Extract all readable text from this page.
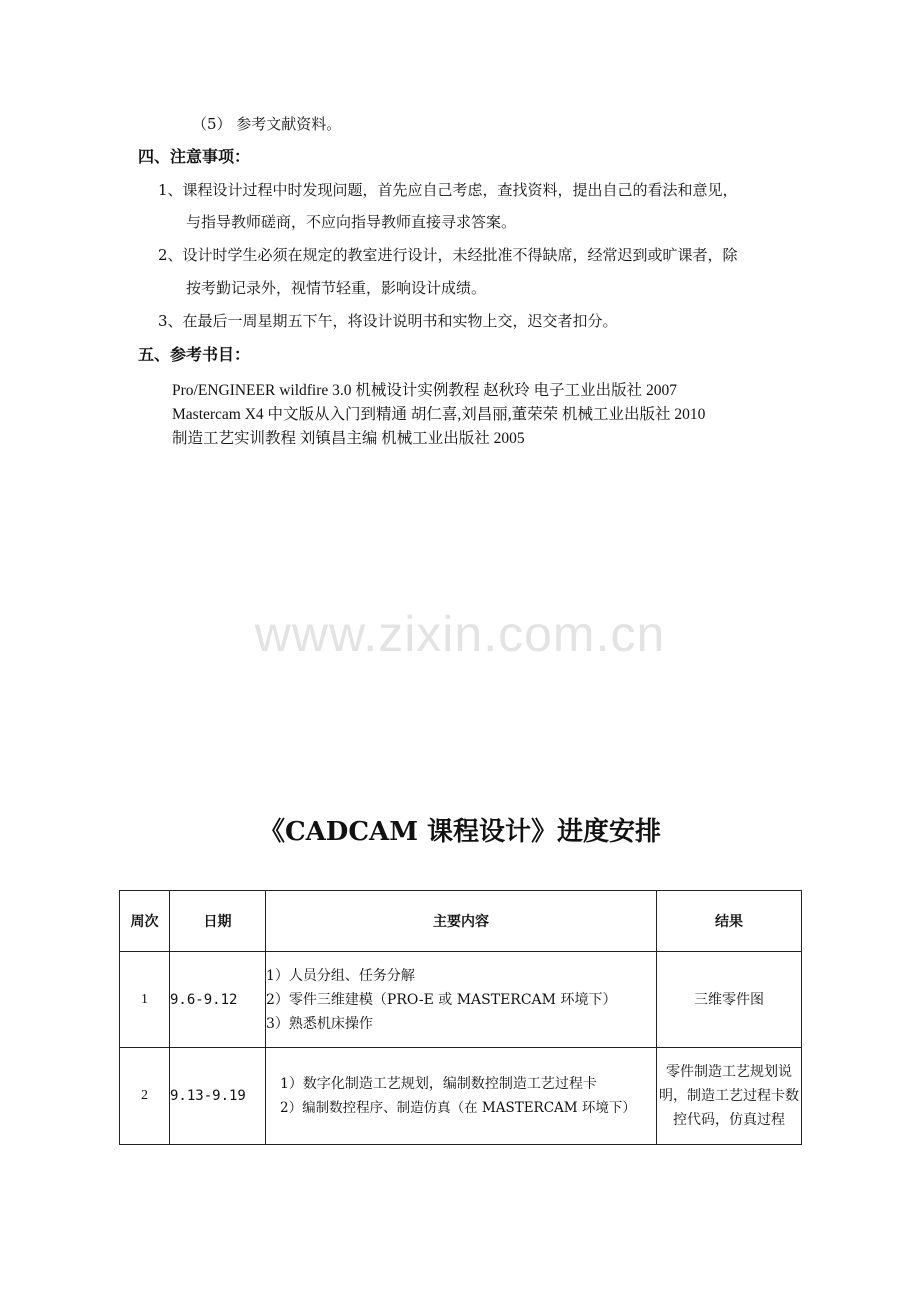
（5） 参考文献资料。
四、注意事项：
1、课程设计过程中时发现问题，首先应自己考虑，查找资料，提出自己的看法和意见，
与指导教师磋商，不应向指导教师直接寻求答案。
2、设计时学生必须在规定的教室进行设计，未经批准不得缺席，经常迟到或旷课者，除
按考勤记录外，视情节轻重，影响设计成绩。
3、在最后一周星期五下午，将设计说明书和实物上交，迟交者扣分。
五、参考书目：
Pro/ENGINEER wildfire 3.0 机械设计实例教程 赵秋玲 电子工业出版社 2007
Mastercam X4 中文版从入门到精通 胡仁喜,刘昌丽,董荣荣 机械工业出版社 2010
制造工艺实训教程 刘镇昌主编 机械工业出版社 2005
www.zixin.com.cn
《CADCAM 课程设计》进度安排
周次	日期	主要内容	结果
1	9.6-9.12	1）人员分组、任务分解
2）零件三维建模（PRO-E 或 MASTERCAM 环境下）
3）熟悉机床操作	三维零件图
2	9.13-9.19	1）数字化制造工艺规划，编制数控制造工艺过程卡
2）编制数控程序、制造仿真（在 MASTERCAM 环境下）	零件制造工艺规划说明，制造工艺过程卡数控代码，仿真过程
